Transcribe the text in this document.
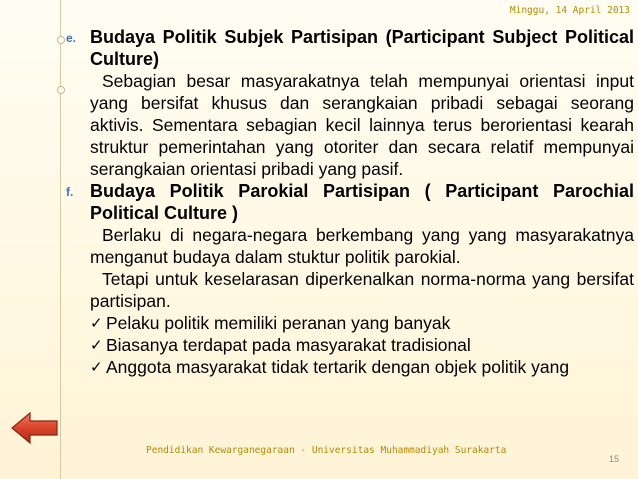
Minggu, 14 April 2013
e. Budaya Politik Subjek Partisipan (Participant Subject Political Culture)
Sebagian besar masyarakatnya telah mempunyai orientasi input yang bersifat khusus dan serangkaian pribadi sebagai seorang aktivis. Sementara sebagian kecil lainnya terus berorientasi kearah struktur pemerintahan yang otoriter dan secara relatif mempunyai serangkaian orientasi pribadi yang pasif.
f. Budaya Politik Parokial Partisipan ( Participant Parochial Political Culture )
Berlaku di negara-negara berkembang yang yang masyarakatnya menganut budaya dalam stuktur politik parokial.
Tetapi untuk keselarasan diperkenalkan norma-norma yang bersifat partisipan.
✓ Pelaku politik memiliki peranan yang banyak
✓ Biasanya terdapat pada masyarakat tradisional
✓ Anggota masyarakat tidak tertarik dengan objek politik yang
Pendidikan Kewarganegaraan - Universitas Muhammadiyah Surakarta
15
